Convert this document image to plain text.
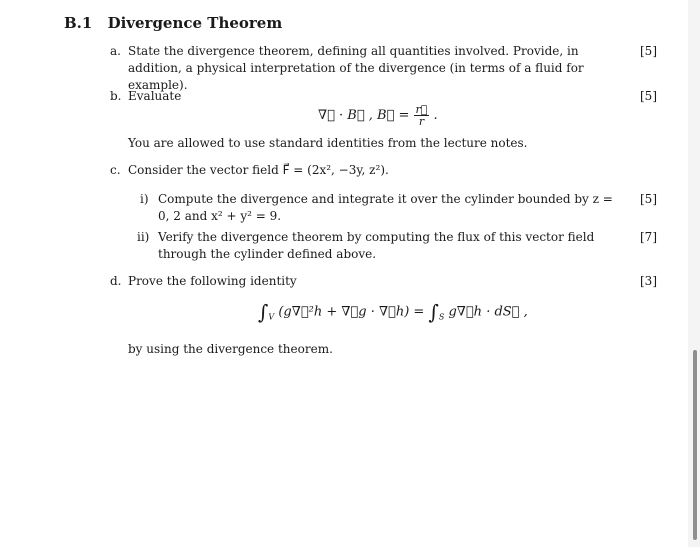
B.1 Divergence Theorem
a. State the divergence theorem, defining all quantities involved. Provide, in addition, a physical interpretation of the divergence (in terms of a fluid for example).
[5]
b. Evaluate	[5]
∇⃗ · B⃗ , B⃗ = $\frac{r⃗}{r}$ .
You are allowed to use standard identities from the lecture notes.
c. Consider the vector field F⃗ = (2x², −3y, z²).
i) Compute the divergence and integrate it over the cylinder bounded by z = 0, 2 and x² + y² = 9.
[5]
ii) Verify the divergence theorem by computing the flux of this vector field through the cylinder defined above.
[7]
d. Prove the following identity	[3]
$\int_V$ (g∇⃗²h + ∇⃗g · ∇⃗h) = $\int_S$ g∇⃗h · dS⃗ ,
by using the divergence theorem.
